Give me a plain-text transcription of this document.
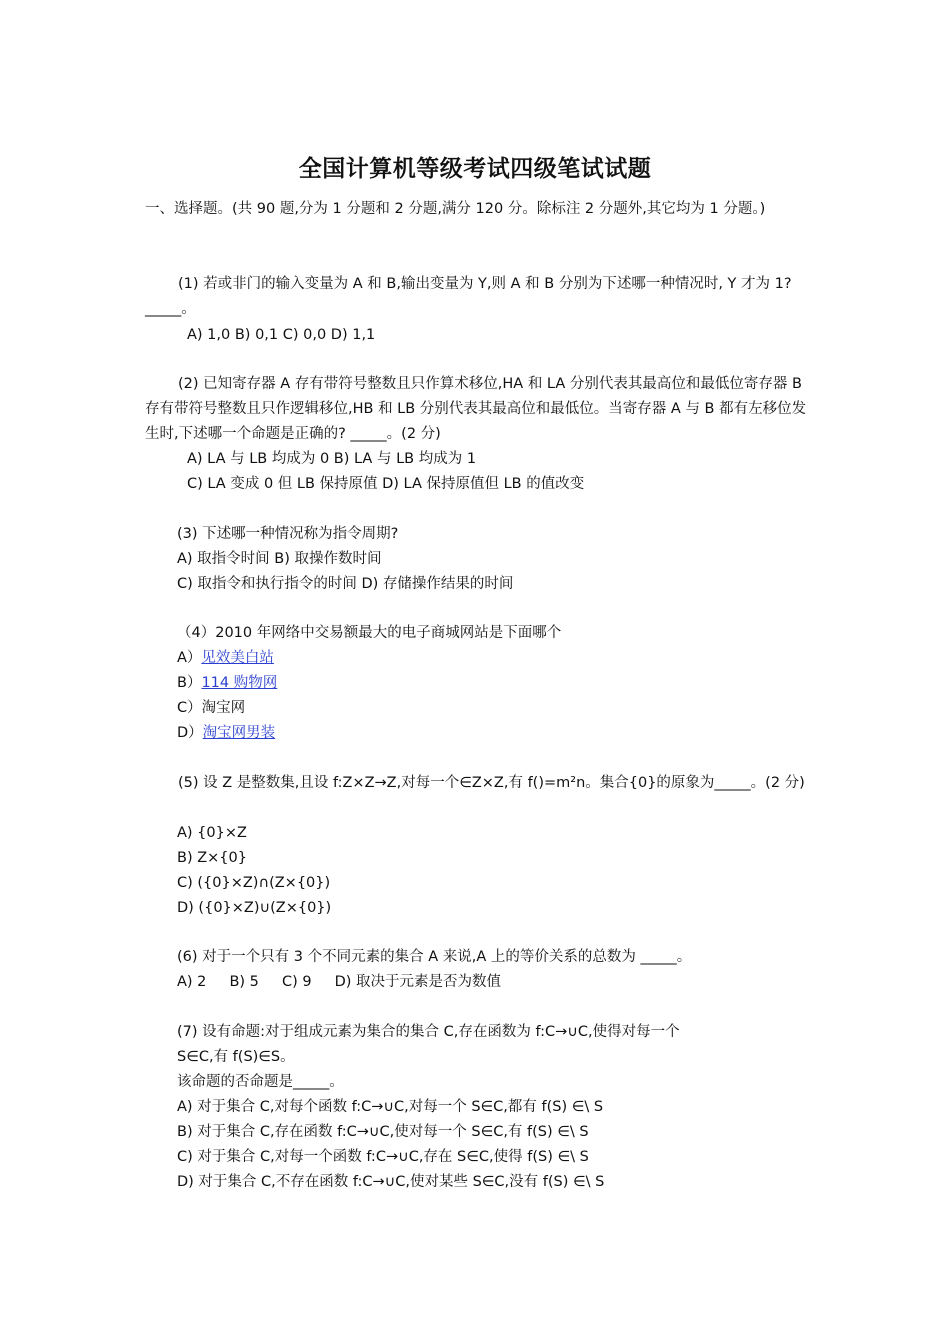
全国计算机等级考试四级笔试试题
一、选择题。(共 90 题,分为 1 分题和 2 分题,满分 120 分。除标注 2 分题外,其它均为 1 分题。)
(1) 若或非门的输入变量为 A 和 B,输出变量为 Y,则 A 和 B 分别为下述哪一种情况时, Y 才为 1?_____。
A) 1,0 B) 0,1 C) 0,0 D) 1,1
(2) 已知寄存器 A 存有带符号整数且只作算术移位,HA 和 LA 分别代表其最高位和最低位寄存器 B 存有带符号整数且只作逻辑移位,HB 和 LB 分别代表其最高位和最低位。当寄存器 A 与 B 都有左移位发生时,下述哪一个命题是正确的? _____。(2 分)
A) LA 与 LB 均成为 0 B) LA 与 LB 均成为 1
C) LA 变成 0 但 LB 保持原值 D) LA 保持原值但 LB 的值改变
(3) 下述哪一种情况称为指令周期?
A) 取指令时间 B) 取操作数时间
C) 取指令和执行指令的时间 D) 存储操作结果的时间
（4）2010 年网络中交易额最大的电子商城网站是下面哪个
A）见效美白站
B）114 购物网
C）淘宝网
D）淘宝网男装
(5) 设 Z 是整数集,且设 f:Z×Z→Z,对每一个∈Z×Z,有 f()=m²n。集合{0}的原象为_____。(2 分)
A) {0}×Z
B) Z×{0}
C) ({0}×Z)∩(Z×{0})
D) ({0}×Z)∪(Z×{0})
(6) 对于一个只有 3 个不同元素的集合 A 来说,A 上的等价关系的总数为 _____。
A) 2     B) 5     C) 9     D) 取决于元素是否为数值
(7) 设有命题:对于组成元素为集合的集合 C,存在函数为 f:C→∪C,使得对每一个
S∈C,有 f(S)∈S。
该命题的否命题是_____。
A) 对于集合 C,对每个函数 f:C→∪C,对每一个 S∈C,都有 f(S) ∈\ S
B) 对于集合 C,存在函数 f:C→∪C,使对每一个 S∈C,有 f(S) ∈\ S
C) 对于集合 C,对每一个函数 f:C→∪C,存在 S∈C,使得 f(S) ∈\ S
D) 对于集合 C,不存在函数 f:C→∪C,使对某些 S∈C,没有 f(S) ∈\ S
